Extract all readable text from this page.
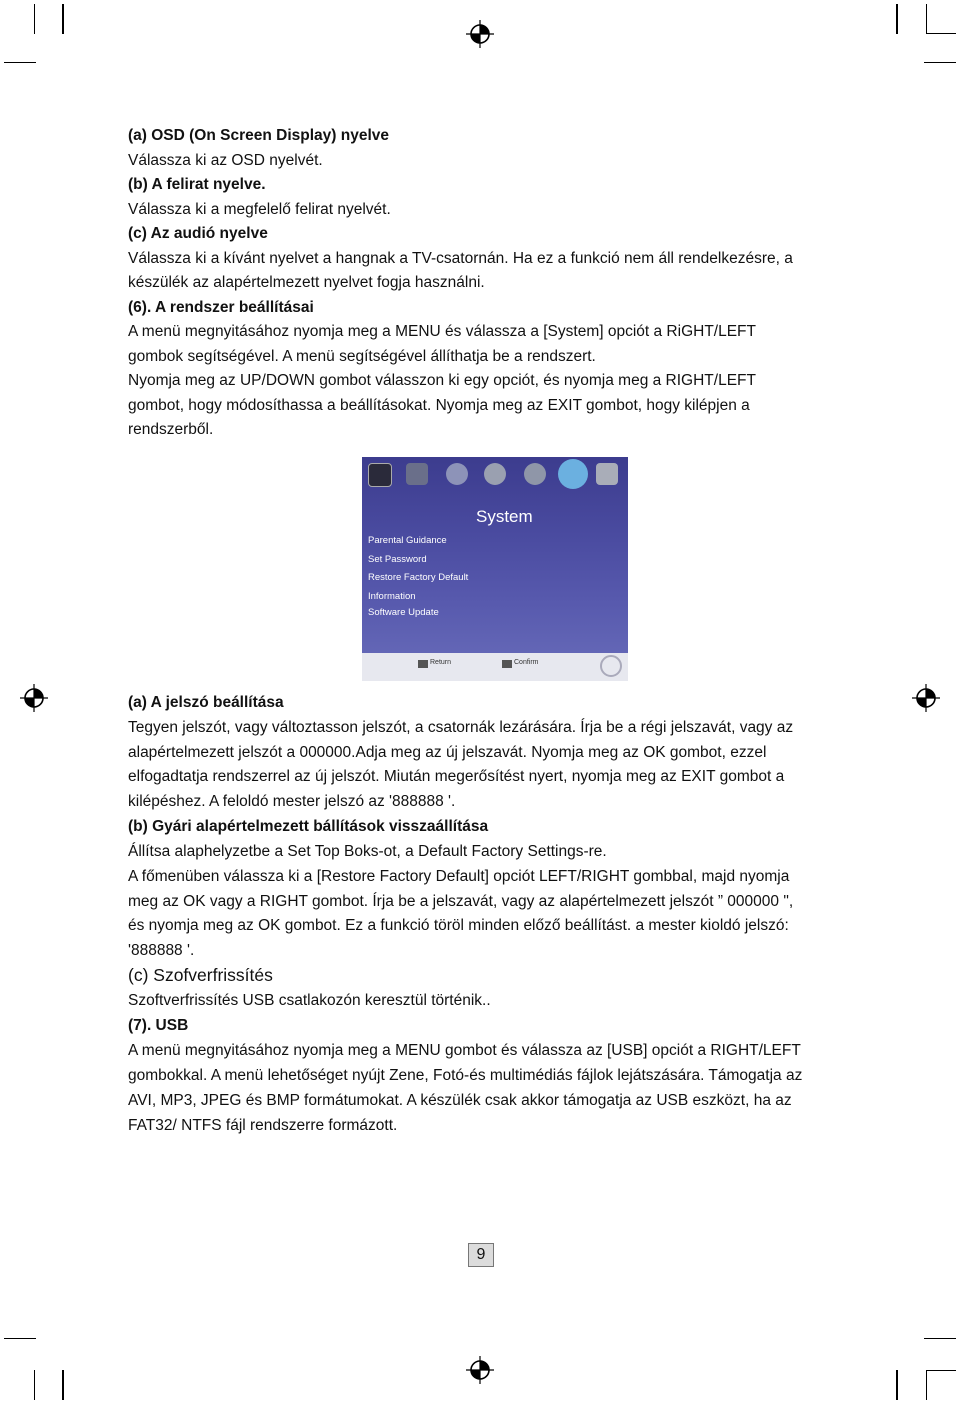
(a) OSD (On Screen Display) nyelve
Válassza ki az OSD nyelvét.
(b) A felirat nyelve.
Válassza ki a megfelelő felirat nyelvét.
(c) Az audió nyelve
Válassza ki a kívánt nyelvet a hangnak a TV-csatornán. Ha ez a funkció nem áll rendelkezésre, a
készülék az alapértelmezett nyelvet fogja használni.
(6). A rendszer beállításai
A menü megnyitásához nyomja meg a MENU és válassza a [System] opciót a RiGHT/LEFT
gombok segítségével. A menü segítségével állíthatja be a rendszert.
Nyomja meg az UP/DOWN gombot válasszon ki egy opciót, és nyomja meg a RIGHT/LEFT
gombot, hogy módosíthassa a beállításokat. Nyomja meg az EXIT gombot, hogy kilépjen a
rendszerből.
System
Parental Guidance
Set Password
Restore Factory Default
Information
Software Update
Return	Confirm
(a) A jelszó beállítása
Tegyen jelszót, vagy változtasson jelszót, a csatornák lezárására. Írja be a régi jelszavát, vagy az
alapértelmezett jelszót a 000000.Adja meg az új jelszavát. Nyomja meg az OK gombot, ezzel
elfogadtatja rendszerrel az új jelszót. Miután megerősítést nyert, nyomja meg az EXIT gombot a
kilépéshez. A feloldó mester jelszó az '888888 '.
(b) Gyári alapértelmezett bállítások visszaállítása
Állítsa alaphelyzetbe a Set Top Boks-ot, a Default Factory Settings-re.
A főmenüben válassza ki a [Restore Factory Default] opciót LEFT/RIGHT gombbal, majd nyomja
meg az OK vagy a RIGHT gombot. Írja be a jelszavát, vagy az alapértelmezett jelszót ” 000000 ",
és nyomja meg az OK gombot. Ez a funkció töröl minden előző beállítást. a mester kioldó jelszó:
'888888 '.
(c) Szofverfrissítés
Szoftverfrissítés USB csatlakozón keresztül történik..
(7). USB
A menü megnyitásához nyomja meg a MENU gombot és válassza az [USB] opciót a RIGHT/LEFT
gombokkal. A menü lehetőséget nyújt Zene, Fotó-és multimédiás fájlok lejátszására. Támogatja az
AVI, MP3, JPEG és BMP formátumokat. A készülék csak akkor támogatja az USB eszközt, ha az
FAT32/ NTFS fájl rendszerre formázott.
9
